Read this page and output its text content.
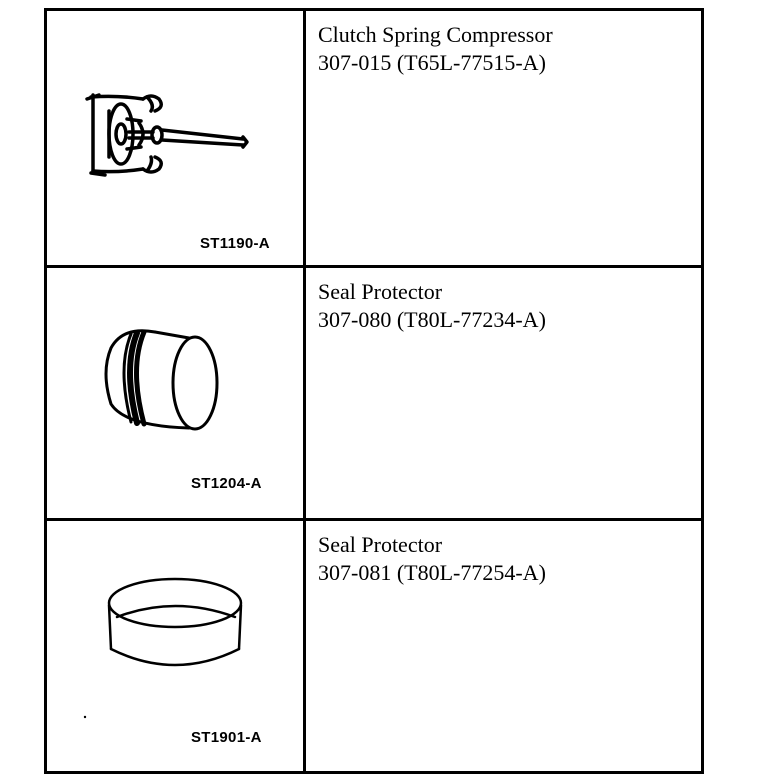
ST1190-A	Clutch Spring Compressor
307-015 (T65L-77515-A)

ST1204-A	Seal Protector
307-080 (T80L-77234-A)

ST1901-A	Seal Protector
307-081 (T80L-77254-A)
